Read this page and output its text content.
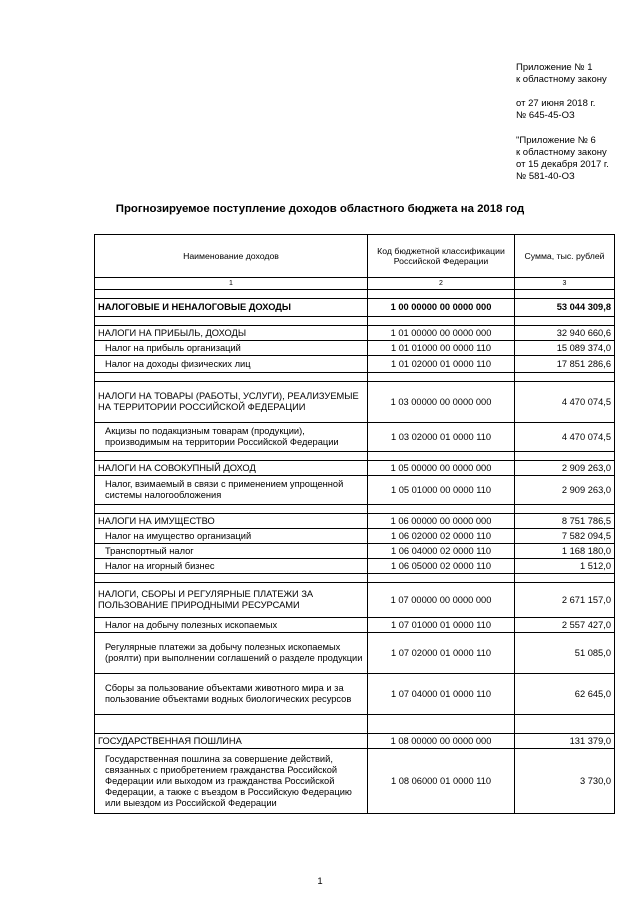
Приложение № 1
к областному закону
от 27 июня 2018 г.
№ 645-45-ОЗ
"Приложение № 6
к областному закону
от 15 декабря 2017 г.
№ 581-40-ОЗ
Прогнозируемое поступление доходов областного бюджета на 2018 год
Наименование доходов	Код бюджетной классификации Российской Федерации	Сумма, тыс. рублей
1	2	3

НАЛОГОВЫЕ И НЕНАЛОГОВЫЕ ДОХОДЫ	1 00 00000 00 0000 000	53 044 309,8

НАЛОГИ НА ПРИБЫЛЬ, ДОХОДЫ	1 01 00000 00 0000 000	32 940 660,6
Налог на прибыль организаций	1 01 01000 00 0000 110	15 089 374,0
Налог на доходы физических лиц	1 01 02000 01 0000 110	17 851 286,6

НАЛОГИ НА ТОВАРЫ (РАБОТЫ, УСЛУГИ), РЕАЛИЗУЕМЫЕ НА ТЕРРИТОРИИ РОССИЙСКОЙ ФЕДЕРАЦИИ	1 03 00000 00 0000 000	4 470 074,5
Акцизы по подакцизным товарам (продукции), производимым на территории Российской Федерации	1 03 02000 01 0000 110	4 470 074,5

НАЛОГИ НА СОВОКУПНЫЙ ДОХОД	1 05 00000 00 0000 000	2 909 263,0
Налог, взимаемый в связи с применением упрощенной системы налогообложения	1 05 01000 00 0000 110	2 909 263,0

НАЛОГИ НА ИМУЩЕСТВО	1 06 00000 00 0000 000	8 751 786,5
Налог на имущество организаций	1 06 02000 02 0000 110	7 582 094,5
Транспортный налог	1 06 04000 02 0000 110	1 168 180,0
Налог на игорный бизнес	1 06 05000 02 0000 110	1 512,0

НАЛОГИ, СБОРЫ И РЕГУЛЯРНЫЕ ПЛАТЕЖИ ЗА ПОЛЬЗОВАНИЕ ПРИРОДНЫМИ РЕСУРСАМИ	1 07 00000 00 0000 000	2 671 157,0
Налог на добычу полезных ископаемых	1 07 01000 01 0000 110	2 557 427,0
Регулярные платежи за добычу полезных ископаемых (роялти) при выполнении соглашений о разделе продукции	1 07 02000 01 0000 110	51 085,0
Сборы за пользование объектами животного мира и за пользование объектами водных биологических ресурсов	1 07 04000 01 0000 110	62 645,0

ГОСУДАРСТВЕННАЯ ПОШЛИНА	1 08 00000 00 0000 000	131 379,0
Государственная пошлина за совершение действий, связанных с приобретением гражданства Российской Федерации или выходом из гражданства Российской Федерации, а также с въездом в Российскую Федерацию или выездом из Российской Федерации	1 08 06000 01 0000 110	3 730,0
1
